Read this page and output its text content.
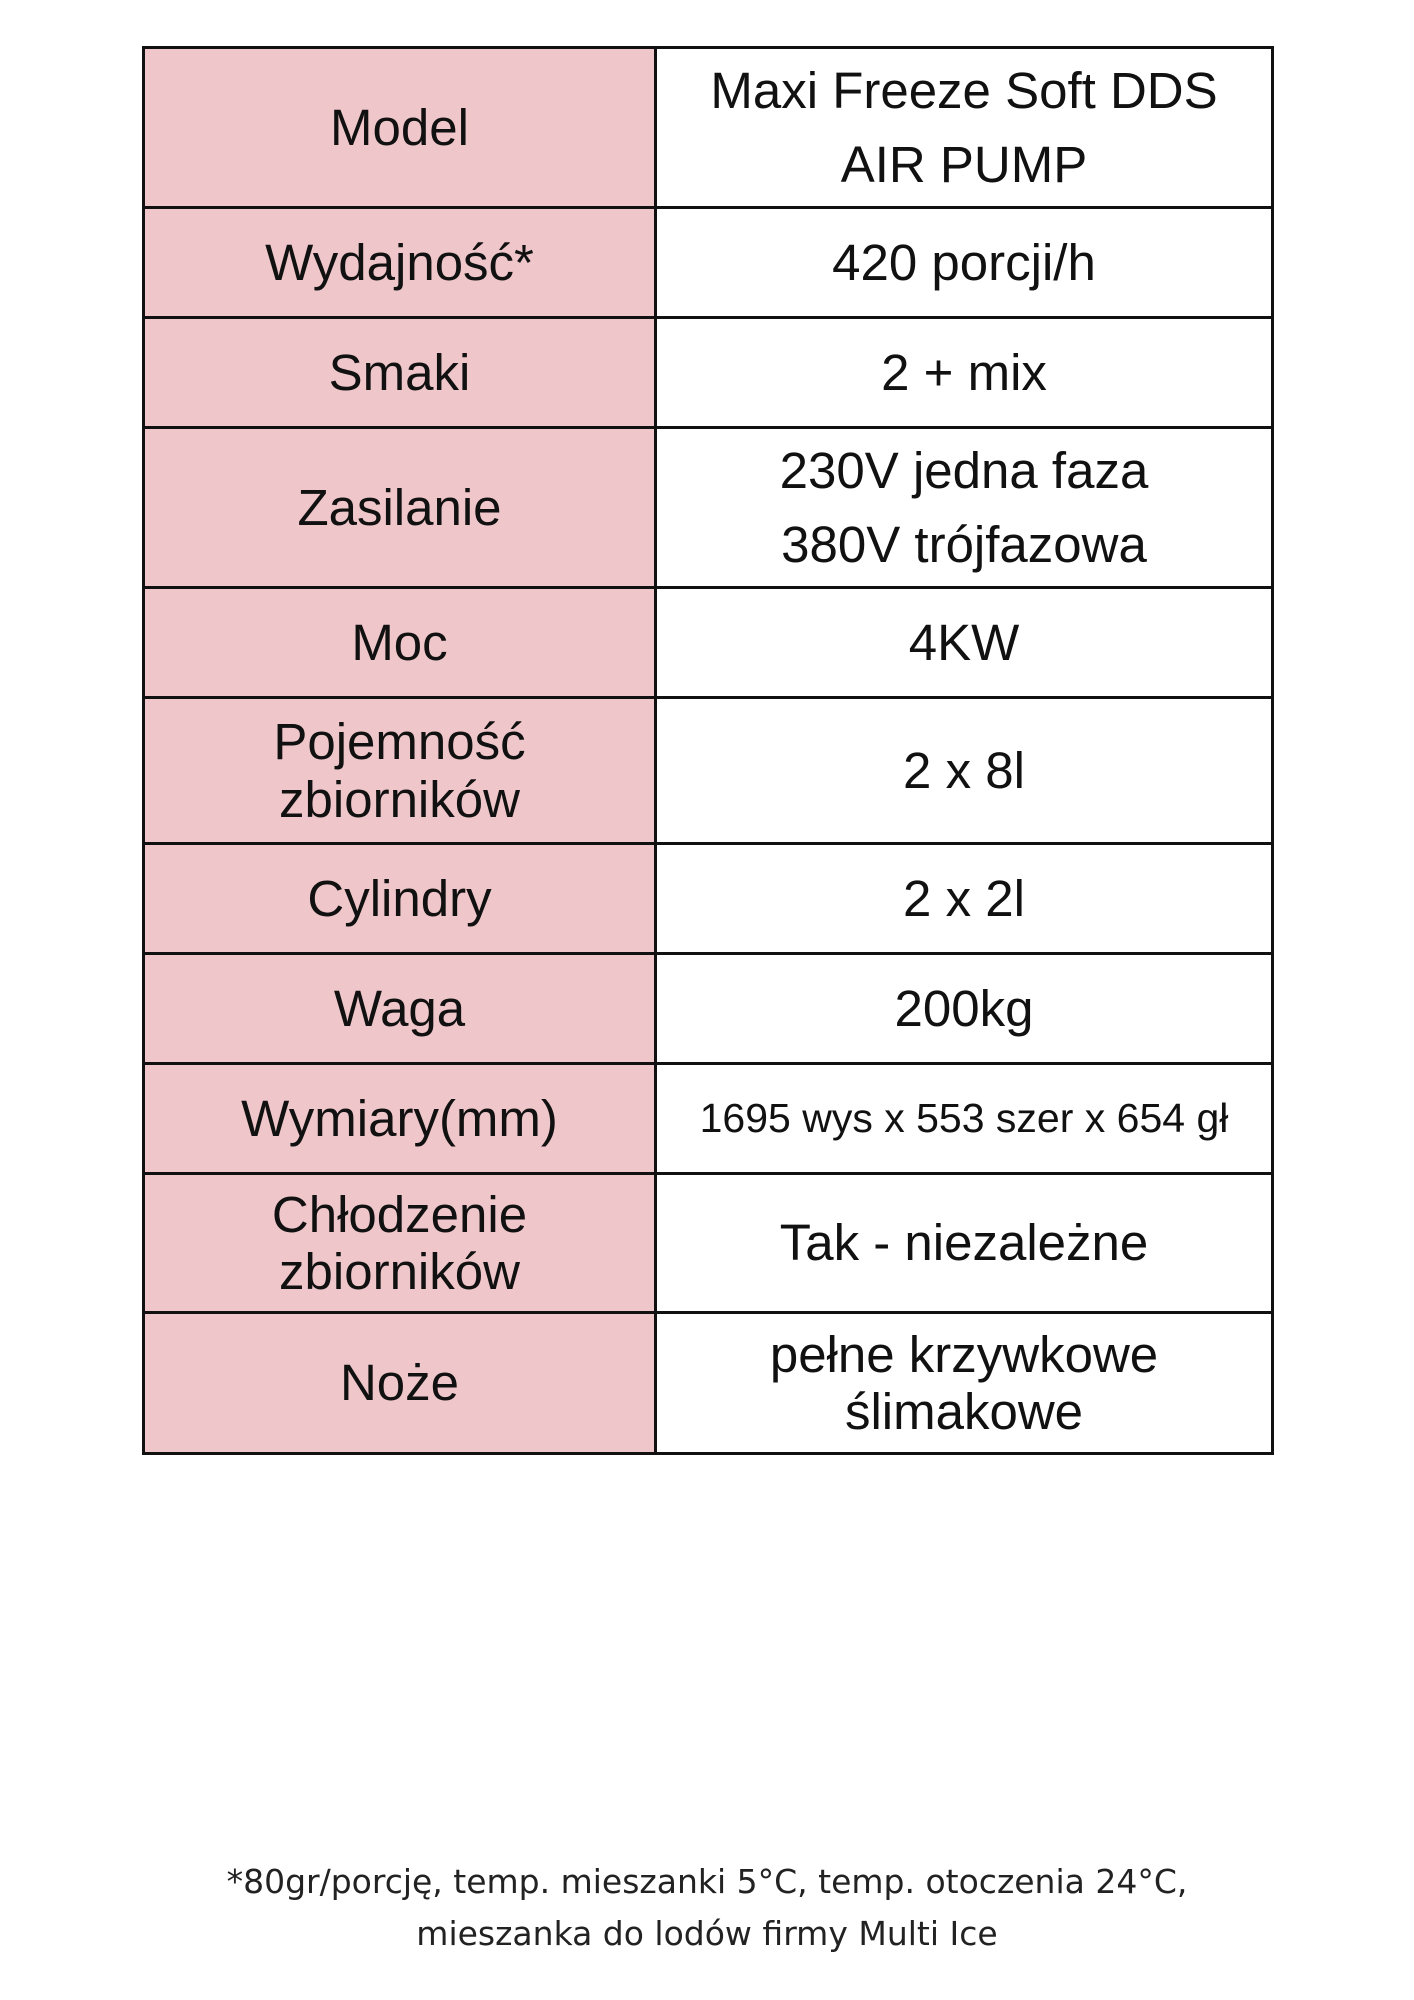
Model	Maxi Freeze Soft DDS
AIR PUMP

Wydajność*	420 porcji/h

Smaki	2 + mix

Zasilanie	230V jedna faza
380V trójfazowa

Moc	4KW

Pojemność
zbiorników	2 x 8l

Cylindry	2 x 2l

Waga	200kg

Wymiary(mm)	1695 wys x 553 szer x 654 gł

Chłodzenie
zbiorników	Tak - niezależne

Noże	pełne krzywkowe
ślimakowe
*80gr/porcję, temp. mieszanki 5°C, temp. otoczenia 24°C,
mieszanka do lodów firmy Multi Ice
